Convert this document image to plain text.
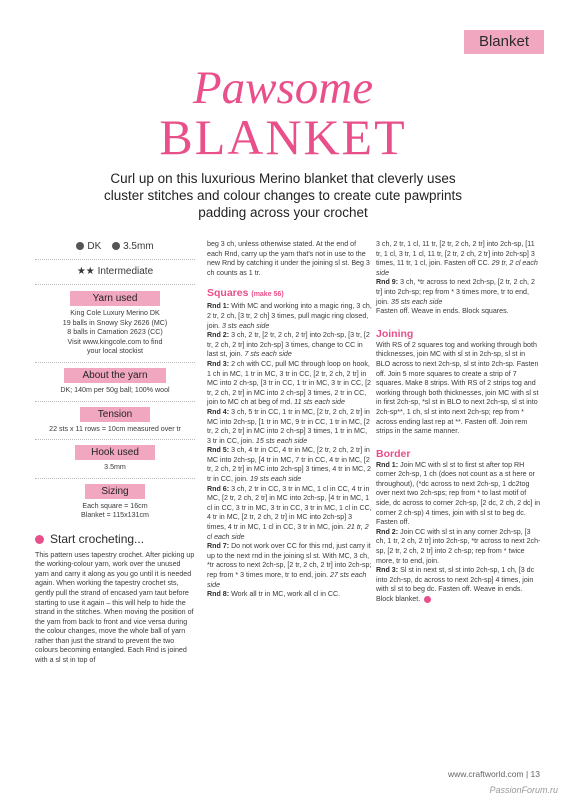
Blanket
Pawsome
BLANKET
Curl up on this luxurious Merino blanket that cleverly uses cluster stitches and colour changes to create cute pawprints padding across your crochet
DK 3.5mm
★★ Intermediate
Yarn used
King Cole Luxury Merino DK
19 balls in Snowy Sky 2626 (MC)
8 balls in Carnation 2623 (CC)
Visit www.kingcole.com to find
your local stockist
About the yarn
DK; 140m per 50g ball; 100% wool
Tension
22 sts x 11 rows = 10cm measured over tr
Hook used
3.5mm
Sizing
Each square = 16cm
Blanket = 115x131cm
Start crocheting...

This pattern uses tapestry crochet. After picking up the working-colour yarn, work over the unused yarn and carry it along as you go until it is needed again. When working the tapestry crochet sts, gently pull the strand of encased yarn taut before starting to use it again – this will help to hide the strand in the stitches. When moving the position of the yarn from back to front and vice versa during the colour changes, move the whole ball of yarn rather than just the strand to prevent the two colours becoming entangled. Each Rnd is joined with a sl st in top of

beg 3 ch, unless otherwise stated. At the end of each Rnd, carry up the yarn that's not in use to the new Rnd by catching it under the joining sl st. Beg 3 ch counts as 1 tr.

Squares (make 56)

Rnd 1: With MC and working into a magic ring, 3 ch, 2 tr, 2 ch, [3 tr, 2 ch] 3 times, pull magic ring closed, join. 3 sts each side

Rnd 2: 3 ch, 2 tr, [2 tr, 2 ch, 2 tr] into 2ch-sp, [3 tr, [2 tr, 2 ch, 2 tr] into 2ch-sp] 3 times, change to CC in last st, join. 7 sts each side

Rnd 3: 2 ch with CC, pull MC through loop on hook, 1 ch in MC, 1 tr in MC, 3 tr in CC, [2 tr, 2 ch, 2 tr] in MC into 2 ch-sp, [3 tr in CC, 1 tr in MC, 3 tr in CC, [2 tr, 2 ch, 2 tr] in MC into 2 ch-sp] 3 times, 2 tr in CC, join to MC ch at beg of rnd. 11 sts each side

Rnd 4: 3 ch, 5 tr in CC, 1 tr in MC, [2 tr, 2 ch, 2 tr] in MC into 2ch-sp, [1 tr in MC, 9 tr in CC, 1 tr in MC, [2 tr, 2 ch, 2 tr] in MC into 2 ch-sp] 3 times, 1 tr in MC, 3 tr in CC, join. 15 sts each side

Rnd 5: 3 ch, 4 tr in CC, 4 tr in MC, [2 tr, 2 ch, 2 tr] in MC into 2ch-sp, [4 tr in MC, 7 tr in CC, 4 tr in MC, [2 tr, 2 ch, 2 tr] in MC into 2ch-sp] 3 times, 4 tr in MC, 2 tr in CC, join. 19 sts each side

Rnd 6: 3 ch, 2 tr in CC, 3 tr in MC, 1 cl in CC, 4 tr in MC, [2 tr, 2 ch, 2 tr] in MC into 2ch-sp, [4 tr in MC, 1 cl in CC, 3 tr in MC, 3 tr in CC, 3 tr in MC, 1 cl in CC, 4 tr in MC, [2 tr, 2 ch, 2 tr] in MC into 2ch-sp] 3 times, 4 tr in MC, 1 cl in CC, 3 tr in MC, join. 21 tr, 2 cl each side

Rnd 7: Do not work over CC for this rnd, just carry it up to the next rnd in the joining sl st. With MC, 3 ch, *tr across to next 2ch-sp, [2 tr, 2 ch, 2 tr] into 2ch-sp; rep from * 3 times more, tr to end, join. 27 sts each side

Rnd 8: Work all tr in MC, work all cl in CC.

3 ch, 2 tr, 1 cl, 11 tr, [2 tr, 2 ch, 2 tr] into 2ch-sp, [11 tr, 1 cl, 3 tr, 1 cl, 11 tr, [2 tr, 2 ch, 2 tr] into 2ch-sp] 3 times, 11 tr, 1 cl, join. Fasten off CC. 29 tr, 2 cl each side

Rnd 9: 3 ch, *tr across to next 2ch-sp, [2 tr, 2 ch, 2 tr] into 2ch-sp; rep from * 3 times more, tr to end, join. 35 sts each side

Fasten off. Weave in ends. Block squares.

Joining

With RS of 2 squares tog and working through both thicknesses, join MC with sl st in 2ch-sp, sl st in BLO across to next 2ch-sp, sl st into 2ch-sp. Fasten off. Join 5 more squares to create a strip of 7 squares. Make 8 strips. With RS of 2 strips tog and working through both thicknesses, join MC with sl st in first 2ch-sp, *sl st in BLO to next 2ch-sp, sl st into 2ch-sp**, 1 ch, sl st into next 2ch-sp; rep from * across ending last rep at **. Fasten off. Join rem strips in the same manner.

Border

Rnd 1: Join MC with sl st to first st after top RH corner 2ch-sp, 1 ch (does not count as a st here or throughout), (*dc across to next 2ch-sp, 1 dc2tog over next two 2ch-sps; rep from * to last motif of side, dc across to corner 2ch-sp, [2 dc, 2 ch, 2 dc] in corner 2 ch-sp) 4 times, join with sl st to beg dc. Fasten off.

Rnd 2: Join CC with sl st in any corner 2ch-sp, [3 ch, 1 tr, 2 ch, 2 tr] into 2ch-sp, *tr across to next 2ch-sp, [2 tr, 2 ch, 2 tr] into 2 ch-sp; rep from * twice more, tr to end, join.

Rnd 3: Sl st in next st, sl st into 2ch-sp, 1 ch, [3 dc into 2ch-sp, dc across to next 2ch-sp] 4 times, join with sl st to beg dc. Fasten off. Weave in ends.

Block blanket.

www.craftworld.com | 13
PassionForum.ru
